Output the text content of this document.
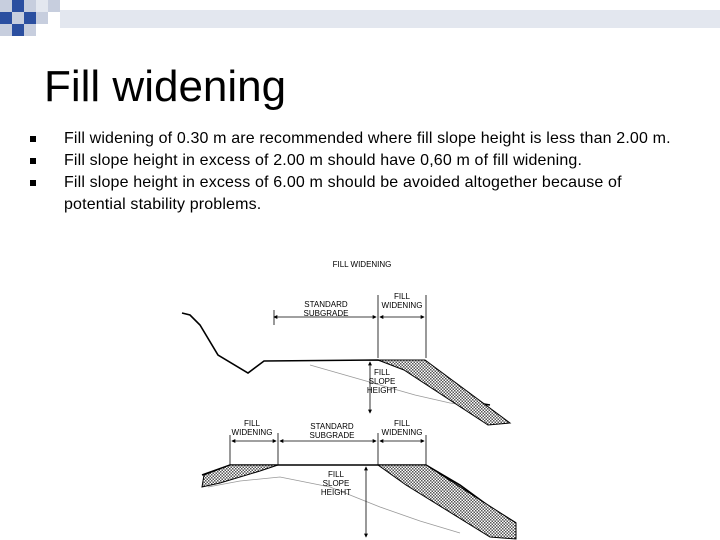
Fill widening
Fill widening of 0.30 m are recommended where fill slope height is less than 2.00 m.
Fill slope height in excess of 2.00 m should have 0,60 m of fill widening.
Fill slope height in excess of 6.00 m should be avoided altogether because of potential stability problems.
FILL WIDENING
STANDARD
SUBGRADE
FILL
WIDENING
FILL
SLOPE
HEIGHT
FILL
WIDENING
STANDARD
SUBGRADE
FILL
WIDENING
FILL
SLOPE
HEIGHT
